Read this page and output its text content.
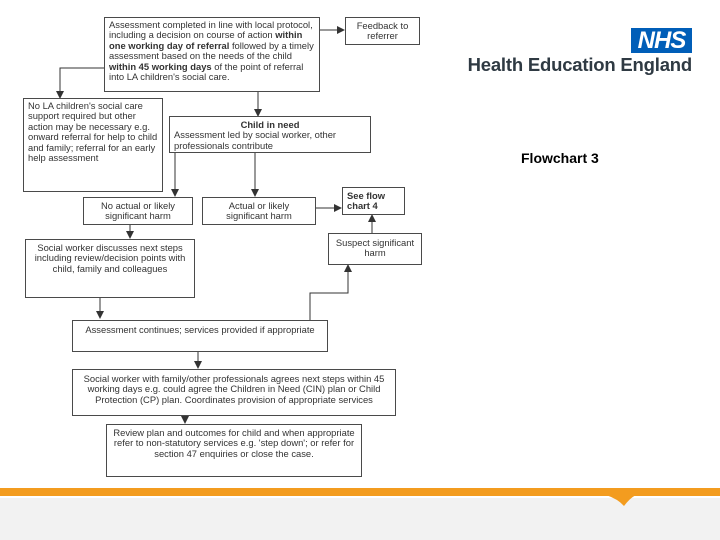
Assessment completed in line with local protocol, including a decision on course of action within one working day of referral followed by a timely assessment based on the needs of the child within 45 working days of the point of referral into LA children's social care.
Feedback to referrer
No LA children's social care support required but other action may be necessary e.g. onward referral for help to child and family; referral for an early help assessment
Child in need
Assessment led by social worker, other professionals contribute
No actual or likely significant harm
Actual or likely significant harm
See flow chart 4
Suspect significant harm
Social worker discusses next steps including review/decision points with child, family and colleagues
Assessment continues; services provided if appropriate
Social worker with family/other professionals agrees next steps within 45 working days e.g. could agree the Children in Need (CIN) plan or Child Protection (CP) plan. Coordinates provision of appropriate services
Review plan and outcomes for child and when appropriate refer to non-statutory services e.g. 'step down'; or refer for section 47 enquiries or close the case.
NHS
Health Education England
Flowchart 3
